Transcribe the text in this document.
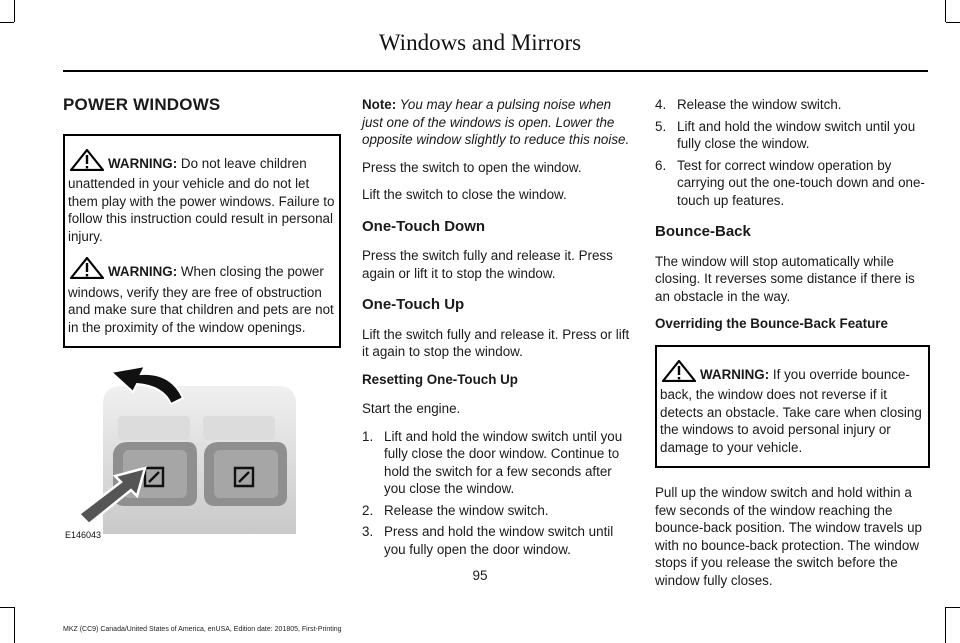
Windows and Mirrors
POWER WINDOWS

WARNING: Do not leave children unattended in your vehicle and do not let them play with the power windows. Failure to follow this instruction could result in personal injury.

WARNING: When closing the power windows, verify they are free of obstruction and make sure that children and pets are not in the proximity of the window openings.

E146043

Note: You may hear a pulsing noise when just one of the windows is open. Lower the opposite window slightly to reduce this noise.

Press the switch to open the window.

Lift the switch to close the window.

One-Touch Down

Press the switch fully and release it. Press again or lift it to stop the window.

One-Touch Up

Lift the switch fully and release it. Press or lift it again to stop the window.

Resetting One-Touch Up

Start the engine.

1. Lift and hold the window switch until you fully close the door window. Continue to hold the switch for a few seconds after you close the window.
2. Release the window switch.
3. Press and hold the window switch until you fully open the door window.
4. Release the window switch.
5. Lift and hold the window switch until you fully close the window.
6. Test for correct window operation by carrying out the one-touch down and one-touch up features.
Bounce-Back

The window will stop automatically while closing. It reverses some distance if there is an obstacle in the way.

Overriding the Bounce-Back Feature

WARNING: If you override bounce-back, the window does not reverse if it detects an obstacle. Take care when closing the windows to avoid personal injury or damage to your vehicle.

Pull up the window switch and hold within a few seconds of the window reaching the bounce-back position. The window travels up with no bounce-back protection. The window stops if you release the switch before the window fully closes.

95
MKZ (CC9) Canada/United States of America, enUSA, Edition date: 201805, First-Printing
